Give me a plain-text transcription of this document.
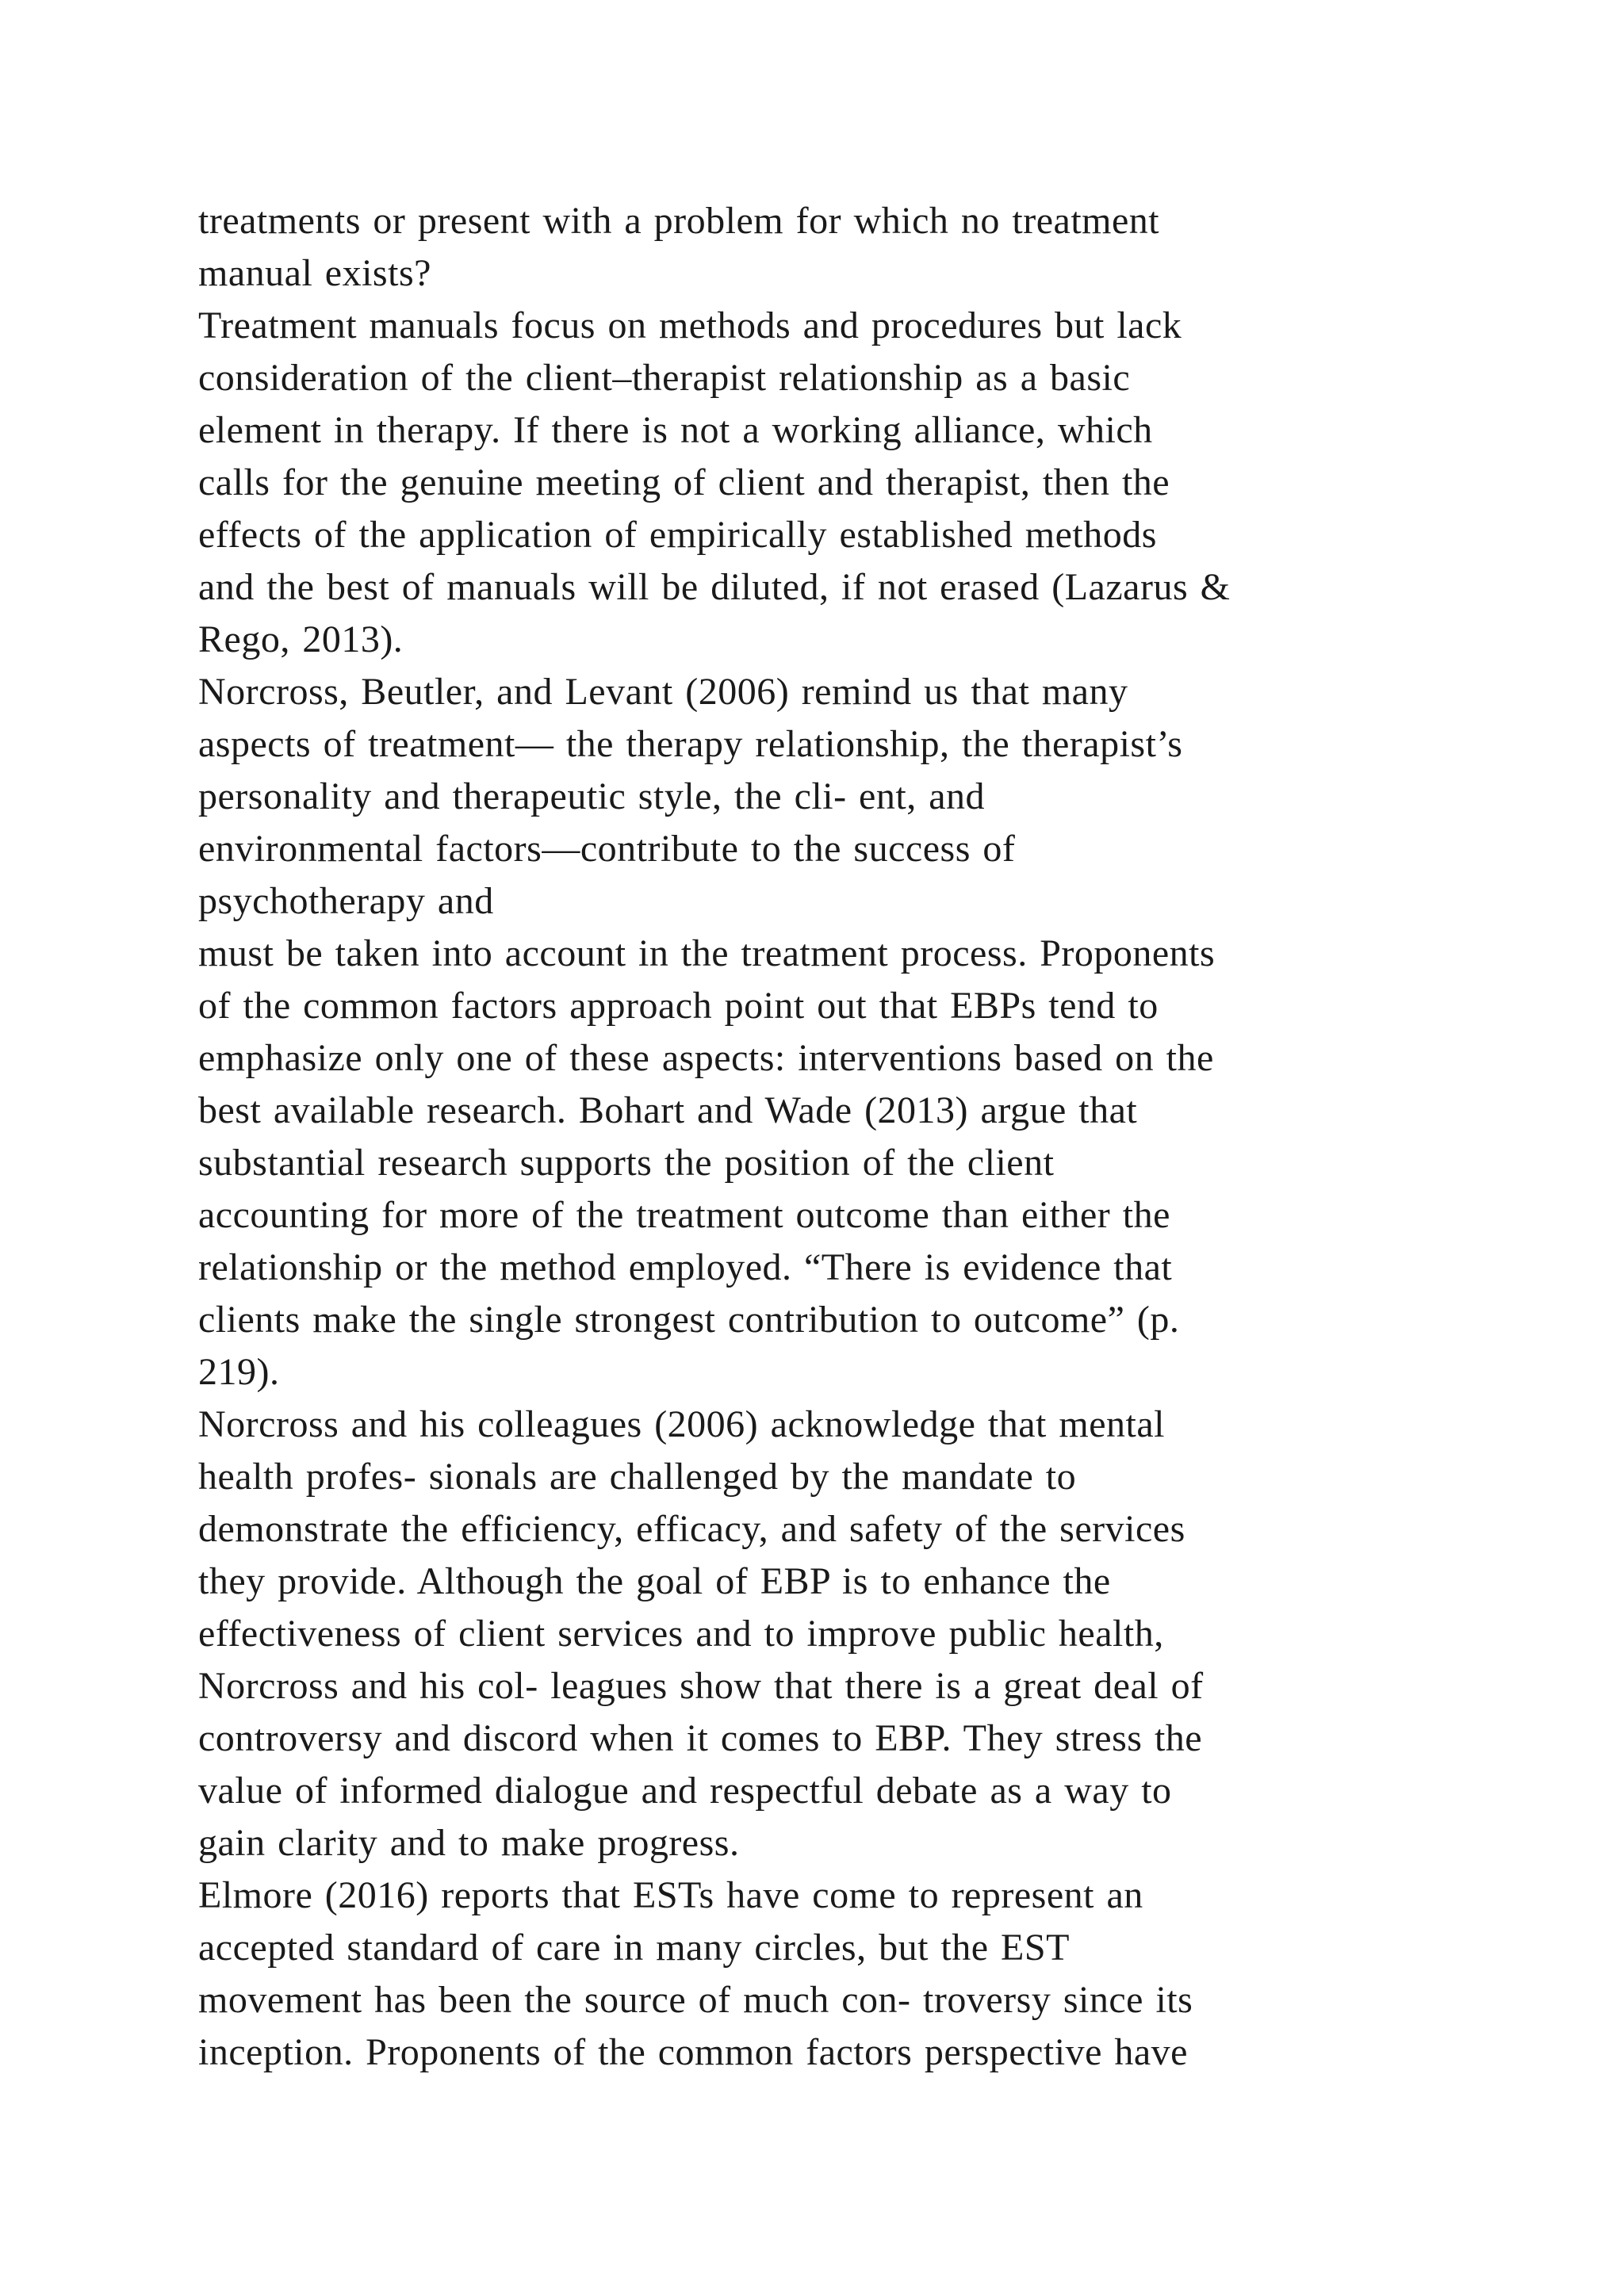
treatments or present with a problem for which no treatment
manual exists?
Treatment manuals focus on methods and procedures but lack
consideration of the client–therapist relationship as a basic
element in therapy. If there is not a working alliance, which
calls for the genuine meeting of client and therapist, then the
effects of the application of empirically established methods
and the best of manuals will be diluted, if not erased (Lazarus &
Rego, 2013).
Norcross, Beutler, and Levant (2006) remind us that many
aspects of treatment— the therapy relationship, the therapist’s
personality and therapeutic style, the cli- ent, and
environmental factors—contribute to the success of
psychotherapy and
must be taken into account in the treatment process. Proponents
of the common factors approach point out that EBPs tend to
emphasize only one of these aspects: interventions based on the
best available research. Bohart and Wade (2013) argue that
substantial research supports the position of the client
accounting for more of the treatment outcome than either the
relationship or the method employed. “There is evidence that
clients make the single strongest contribution to outcome” (p.
219).
Norcross and his colleagues (2006) acknowledge that mental
health profes- sionals are challenged by the mandate to
demonstrate the efficiency, efficacy, and safety of the services
they provide. Although the goal of EBP is to enhance the
effectiveness of client services and to improve public health,
Norcross and his col- leagues show that there is a great deal of
controversy and discord when it comes to EBP. They stress the
value of informed dialogue and respectful debate as a way to
gain clarity and to make progress.
Elmore (2016) reports that ESTs have come to represent an
accepted standard of care in many circles, but the EST
movement has been the source of much con- troversy since its
inception. Proponents of the common factors perspective have
